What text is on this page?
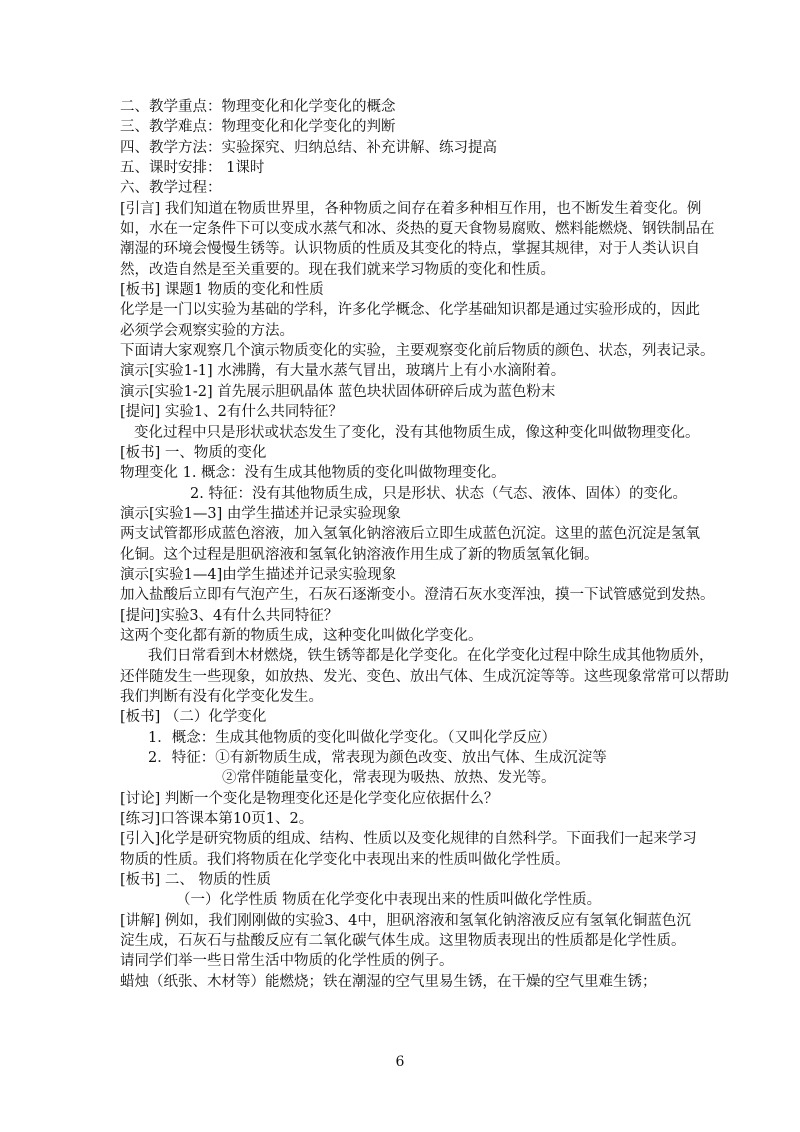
二、教学重点：物理变化和化学变化的概念
三、教学难点：物理变化和化学变化的判断
四、教学方法：实验探究、归纳总结、补充讲解、练习提高
五、课时安排： 1课时
六、教学过程：
[引言] 我们知道在物质世界里，各种物质之间存在着多种相互作用，也不断发生着变化。例
如，水在一定条件下可以变成水蒸气和冰、炎热的夏天食物易腐败、燃料能燃烧、钢铁制品在
潮湿的环境会慢慢生锈等。认识物质的性质及其变化的特点，掌握其规律，对于人类认识自
然，改造自然是至关重要的。现在我们就来学习物质的变化和性质。
[板书] 课题1 物质的变化和性质
化学是一门以实验为基础的学科，许多化学概念、化学基础知识都是通过实验形成的，因此
必须学会观察实验的方法。
下面请大家观察几个演示物质变化的实验，主要观察变化前后物质的颜色、状态，列表记录。
演示[实验1-1] 水沸腾，有大量水蒸气冒出，玻璃片上有小水滴附着。
演示[实验1-2] 首先展示胆矾晶体 蓝色块状固体研碎后成为蓝色粉末
[提问] 实验1、2有什么共同特征？
变化过程中只是形状或状态发生了变化，没有其他物质生成，像这种变化叫做物理变化。
[板书] 一、物质的变化
物理变化 1. 概念：没有生成其他物质的变化叫做物理变化。
2. 特征：没有其他物质生成，只是形状、状态（气态、液体、固体）的变化。
演示[实验1—3] 由学生描述并记录实验现象
两支试管都形成蓝色溶液，加入氢氧化钠溶液后立即生成蓝色沉淀。这里的蓝色沉淀是氢氧
化铜。这个过程是胆矾溶液和氢氧化钠溶液作用生成了新的物质氢氧化铜。
演示[实验1—4]由学生描述并记录实验现象
加入盐酸后立即有气泡产生，石灰石逐渐变小。澄清石灰水变浑浊，摸一下试管感觉到发热。
[提问]实验3、4有什么共同特征？
这两个变化都有新的物质生成，这种变化叫做化学变化。
我们日常看到木材燃烧，铁生锈等都是化学变化。在化学变化过程中除生成其他物质外，
还伴随发生一些现象，如放热、发光、变色、放出气体、生成沉淀等等。这些现象常常可以帮助
我们判断有没有化学变化发生。
[板书] （二）化学变化
1．概念：生成其他物质的变化叫做化学变化。（又叫化学反应）
2．特征：①有新物质生成，常表现为颜色改变、放出气体、生成沉淀等
②常伴随能量变化，常表现为吸热、放热、发光等。
[讨论] 判断一个变化是物理变化还是化学变化应依据什么？
[练习]口答课本第10页1、2。
[引入]化学是研究物质的组成、结构、性质以及变化规律的自然科学。下面我们一起来学习
物质的性质。我们将物质在化学变化中表现出来的性质叫做化学性质。
[板书] 二、 物质的性质
（一）化学性质 物质在化学变化中表现出来的性质叫做化学性质。
[讲解] 例如，我们刚刚做的实验3、4中，胆矾溶液和氢氧化钠溶液反应有氢氧化铜蓝色沉
淀生成，石灰石与盐酸反应有二氧化碳气体生成。这里物质表现出的性质都是化学性质。
请同学们举一些日常生活中物质的化学性质的例子。
蜡烛（纸张、木材等）能燃烧；铁在潮湿的空气里易生锈，在干燥的空气里难生锈；
6
